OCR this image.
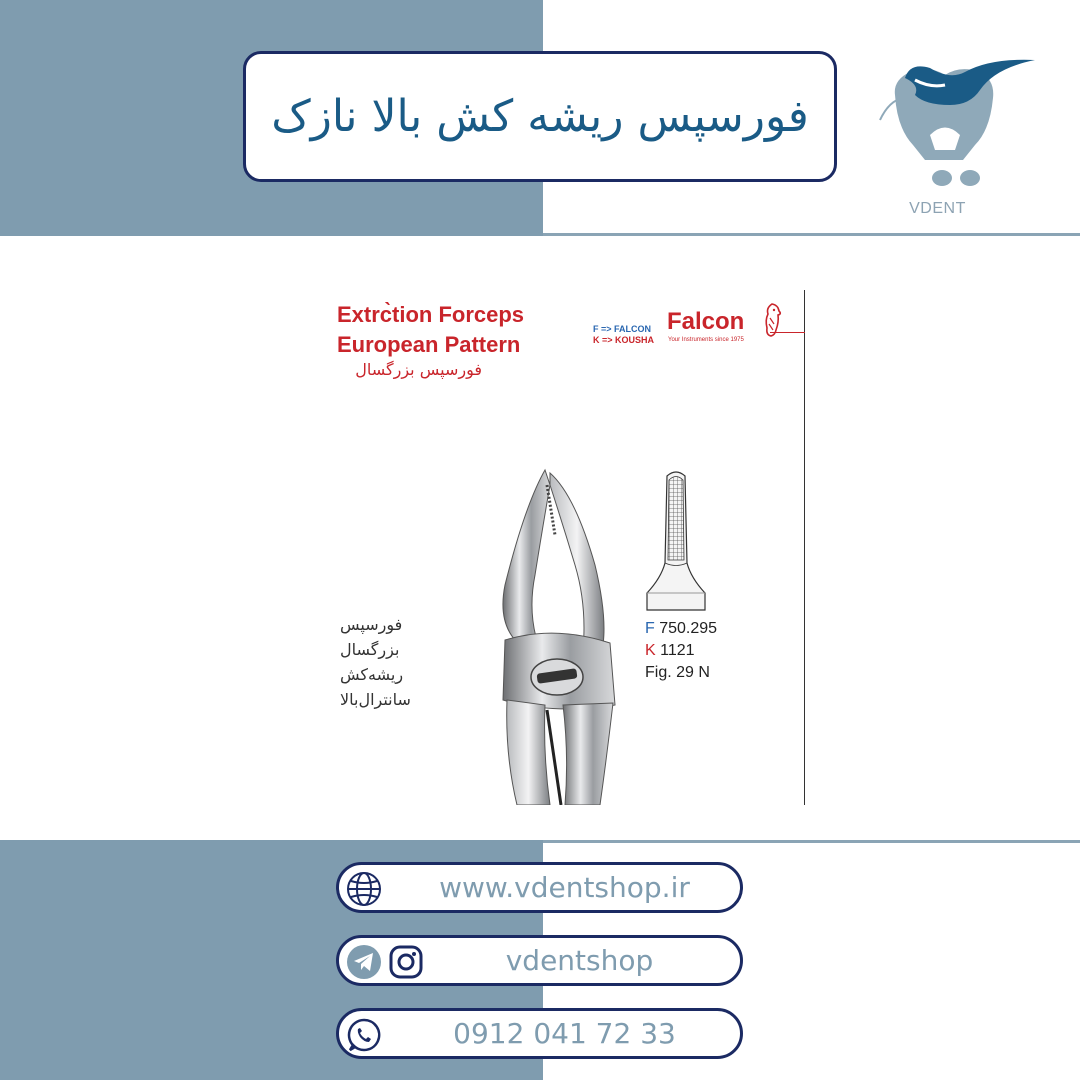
فورسپس ریشه کش بالا نازک
VDENT
Extrc̀tion Forceps
European Pattern
فورسپس بزرگسال
F => FALCON
K => KOUSHA
Falcon
Your Instruments since 1975
F 750.295
K 1121
Fig. 29 N
فورسپس
بزرگسال
ریشه‌کش
سانترال‌بالا
www.vdentshop.ir
vdentshop
0912 041 72 33
